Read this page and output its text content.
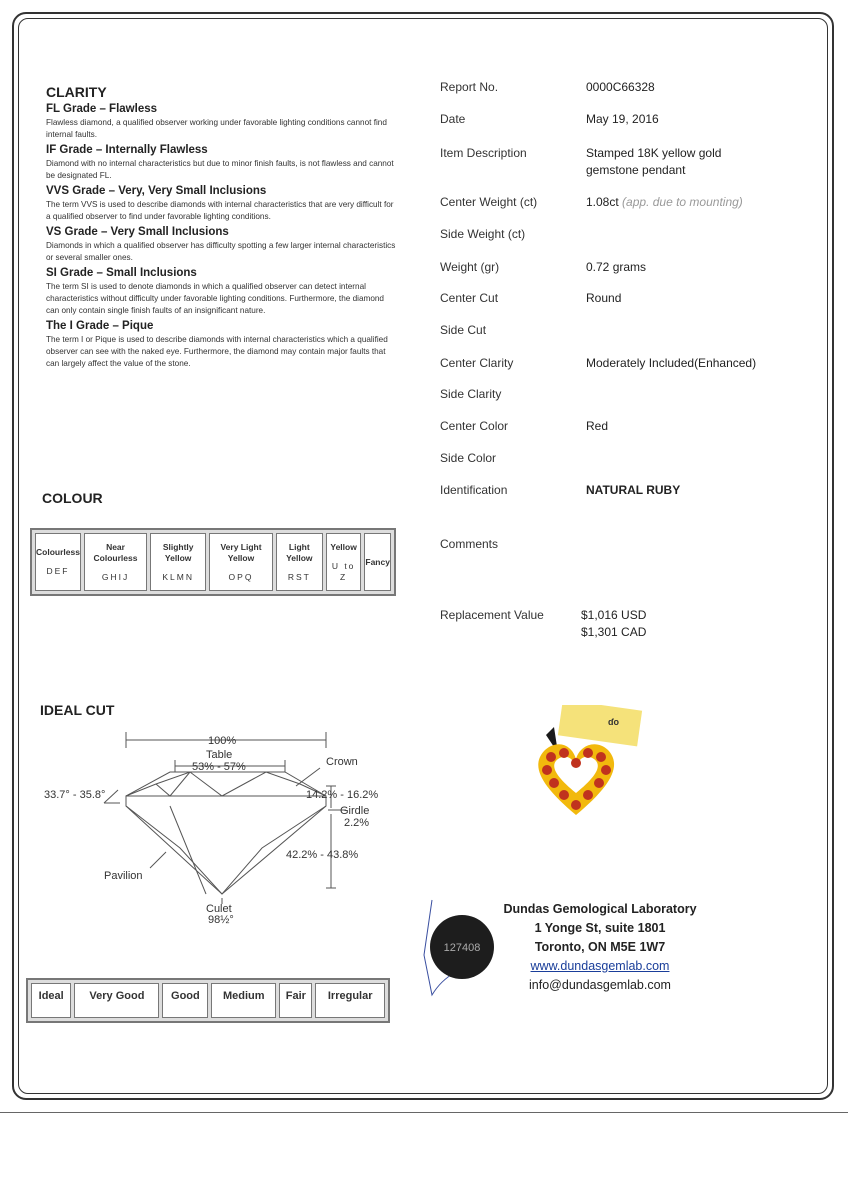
CLARITY
FL Grade – Flawless
Flawless diamond, a qualified observer working under favorable lighting conditions cannot find internal faults.
IF Grade – Internally Flawless
Diamond with no internal characteristics but due to minor finish faults, is not flawless and cannot be designated FL.
VVS Grade – Very, Very Small Inclusions
The term VVS is used to describe diamonds with internal characteristics that are very difficult for a qualified observer to find under favorable lighting conditions.
VS Grade – Very Small Inclusions
Diamonds in which a qualified observer has difficulty spotting a few larger internal characteristics or several smaller ones.
SI Grade – Small Inclusions
The term SI is used to denote diamonds in which a qualified observer can detect internal characteristics without difficulty under favorable lighting conditions. Furthermore, the diamond can only contain single finish faults of an insignificant nature.
The I Grade – Pique
The term I or Pique is used to describe diamonds with internal characteristics which a qualified observer can see with the naked eye. Furthermore, the diamond may contain major faults that can largely affect the value of the stone.
COLOUR
Colourless
DEF
	Near Colourless
GHIJ
	Slightly Yellow
KLMN
	Very Light Yellow
OPQ
	Light Yellow
RST
	Yellow
U to Z
	Fancy
IDEAL CUT
100%
Table
53% - 57%	Crown
33.7° - 35.8°	14.2% - 16.2%
Girdle
2.2%
42.2% - 43.8%
Pavilion
Culet
98½°
Ideal	Very Good	Good	Medium	Fair	Irregular
Report No.	0000C66328
Date	May 19, 2016
Item Description	Stamped 18K yellow gold gemstone pendant
Center Weight (ct)	1.08ct (app. due to mounting)
Side Weight (ct)
Weight (gr)	0.72 grams
Center Cut	Round
Side Cut
Center Clarity	Moderately Included(Enhanced)
Side Clarity
Center Color	Red
Side Color
Identification	NATURAL RUBY
Comments
Replacement Value	$1,016 USD
$1,301 CAD
ɗo
127408
Dundas Gemological Laboratory
1 Yonge St, suite 1801
Toronto, ON M5E 1W7
www.dundasgemlab.com
info@dundasgemlab.com
